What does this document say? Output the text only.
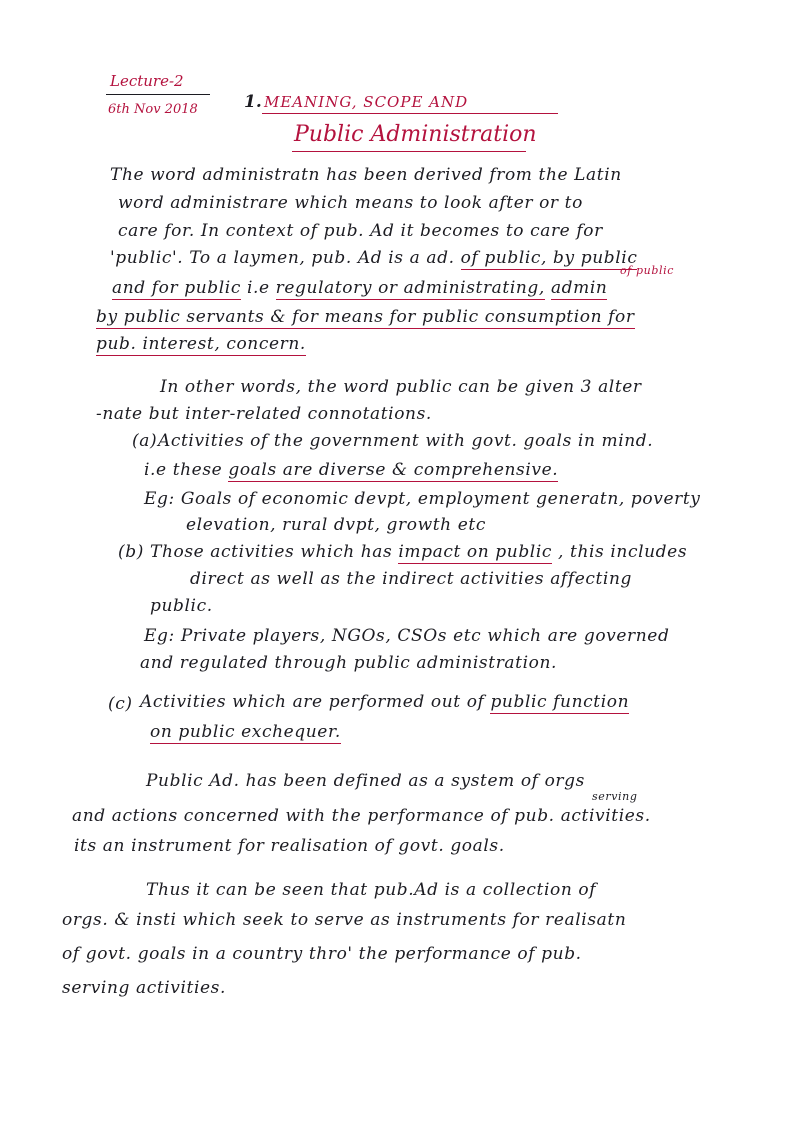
Lecture-2
6th Nov 2018	1. MEANING, SCOPE AND
Public Administration
The word administratn has been derived from the Latin
word administrare which means to look after or to
care for. In context of pub. Ad it becomes to care for
'public'. To a laymen, pub. Ad is a ad. of public, by public
of public
and for public i.e regulatory or administrating, admin
by public servants & for means for public consumption for
pub. interest, concern.
In other words, the word public can be given 3 alter
-nate but inter-related connotations.
(a) Activities of the government with govt. goals in mind.
i.e these goals are diverse & comprehensive.
Eg: Goals of economic devpt, employment generatn, poverty
elevation, rural dvpt, growth etc
(b) Those activities which has impact on public , this includes
direct as well as the indirect activities affecting
public.
Eg: Private players, NGOs, CSOs etc which are governed
and regulated through public administration.
(c) Activities which are performed out of public function
on public exchequer.
Public Ad. has been defined as a system of orgs
serving
and actions concerned with the performance of pub. activities.
its an instrument for realisation of govt. goals.
Thus it can be seen that pub.Ad is a collection of
orgs. & insti which seek to serve as instruments for realisatn
of govt. goals in a country thro' the performance of pub.
serving activities.
